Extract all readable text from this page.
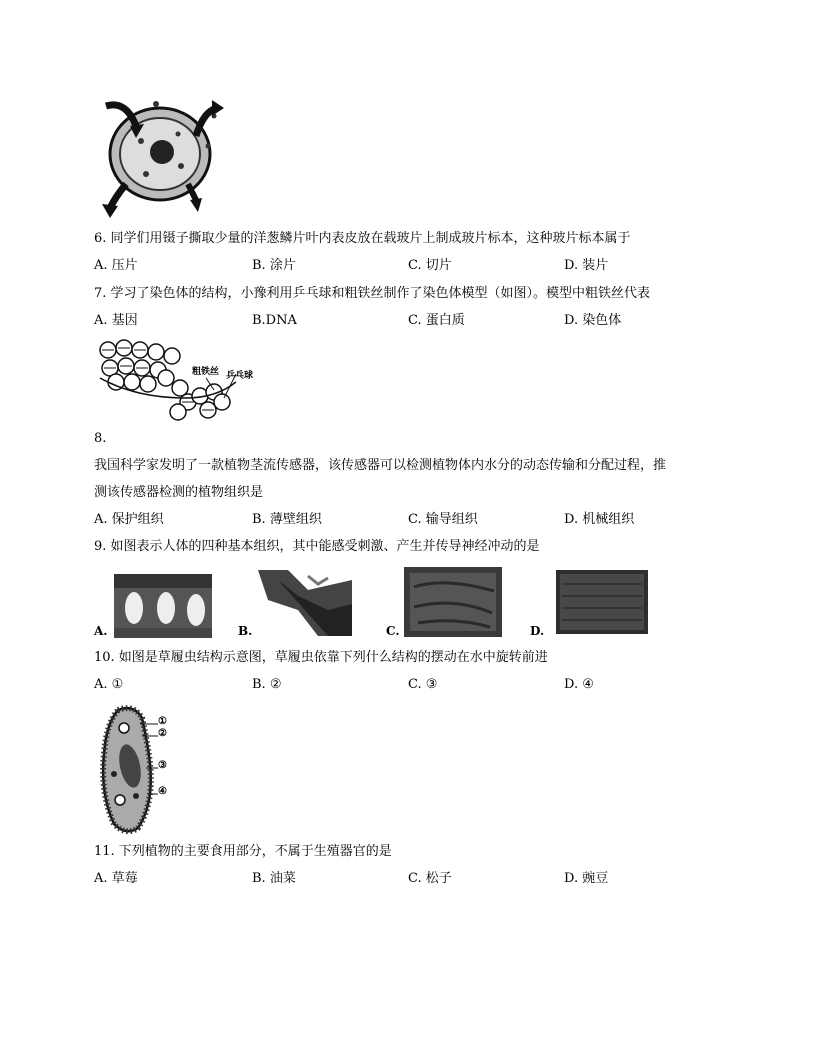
6. 同学们用镊子撕取少量的洋葱鳞片叶内表皮放在载玻片上制成玻片标本，这种玻片标本属于
A. 压片	B. 涂片	C. 切片	D. 装片
7. 学习了染色体的结构，小豫利用乒乓球和粗铁丝制作了染色体模型（如图）。模型中粗铁丝代表
A. 基因	B.DNA	C. 蛋白质	D. 染色体
粗铁丝 乒乓球
8.
我国科学家发明了一款植物茎流传感器，该传感器可以检测植物体内水分的动态传输和分配过程，推
测该传感器检测的植物组织是
A. 保护组织	B. 薄壁组织	C. 输导组织	D. 机械组织
9. 如图表示人体的四种基本组织，其中能感受刺激、产生并传导神经冲动的是
A.	B.	C.	D.
10. 如图是草履虫结构示意图，草履虫依靠下列什么结构的摆动在水中旋转前进
A. ①	B. ②	C. ③	D. ④
①
②
③
④
11. 下列植物的主要食用部分，不属于生殖器官的是
A. 草莓	B. 油菜	C. 松子	D. 豌豆
